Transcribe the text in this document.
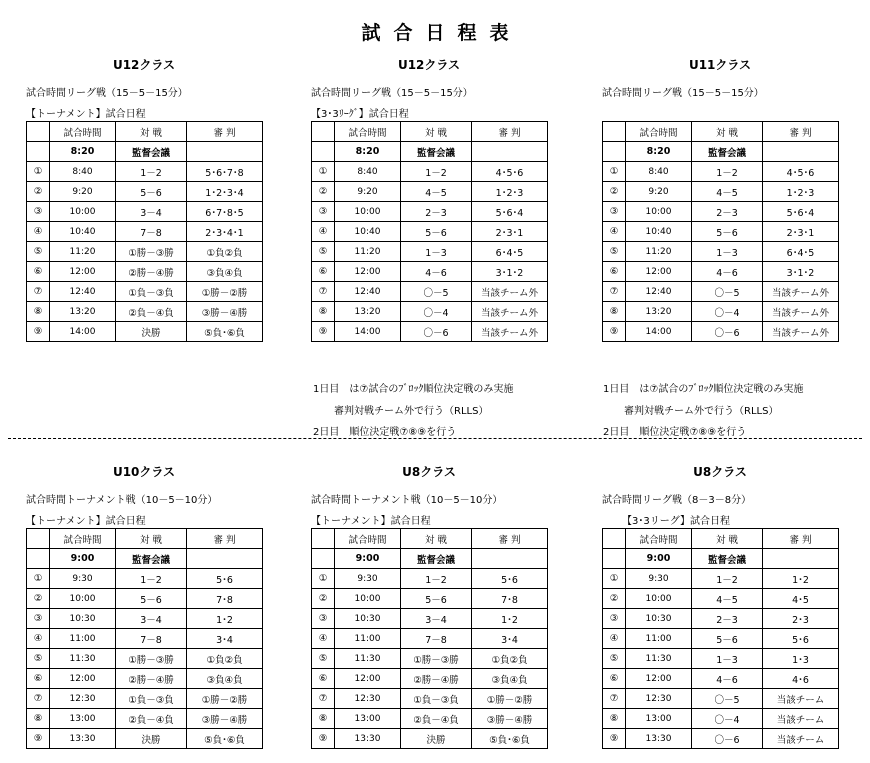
試合日程表
U12クラス
試合時間リーグ戦（15－5－15分）
【トーナメント】試合日程
	試合時間	対 戦	審 判
	8:20	監督会議	
①	8:40	1－2	5･6･7･8
②	9:20	5－6	1･2･3･4
③	10:00	3－4	6･7･8･5
④	10:40	7－8	2･3･4･1
⑤	11:20	①勝－③勝	①負②負
⑥	12:00	②勝－④勝	③負④負
⑦	12:40	①負－③負	①勝－②勝
⑧	13:20	②負－④負	③勝－④勝
⑨	14:00	決勝	⑤負･⑥負
U12クラス
試合時間リーグ戦（15－5－15分）
【3･3ﾘｰｸﾞ】試合日程
	試合時間	対 戦	審 判
	8:20	監督会議	
①	8:40	1－2	4･5･6
②	9:20	4－5	1･2･3
③	10:00	2－3	5･6･4
④	10:40	5－6	2･3･1
⑤	11:20	1－3	6･4･5
⑥	12:00	4－6	3･1･2
⑦	12:40	〇－5	当該チーム外
⑧	13:20	〇－4	当該チーム外
⑨	14:00	〇－6	当該チーム外
U11クラス
試合時間リーグ戦（15－5－15分）
	試合時間	対 戦	審 判
	8:20	監督会議	
①	8:40	1－2	4･5･6
②	9:20	4－5	1･2･3
③	10:00	2－3	5･6･4
④	10:40	5－6	2･3･1
⑤	11:20	1－3	6･4･5
⑥	12:00	4－6	3･1･2
⑦	12:40	〇－5	当該チーム外
⑧	13:20	〇－4	当該チーム外
⑨	14:00	〇－6	当該チーム外
U10クラス
試合時間トーナメント戦（10－5－10分）
【トーナメント】試合日程
	試合時間	対 戦	審 判
	9:00	監督会議	
①	9:30	1－2	5･6
②	10:00	5－6	7･8
③	10:30	3－4	1･2
④	11:00	7－8	3･4
⑤	11:30	①勝－③勝	①負②負
⑥	12:00	②勝－④勝	③負④負
⑦	12:30	①負－③負	①勝－②勝
⑧	13:00	②負－④負	③勝－④勝
⑨	13:30	決勝	⑤負･⑥負
U8クラス
試合時間トーナメント戦（10－5－10分）
【トーナメント】試合日程
	試合時間	対 戦	審 判
	9:00	監督会議	
①	9:30	1－2	5･6
②	10:00	5－6	7･8
③	10:30	3－4	1･2
④	11:00	7－8	3･4
⑤	11:30	①勝－③勝	①負②負
⑥	12:00	②勝－④勝	③負④負
⑦	12:30	①負－③負	①勝－②勝
⑧	13:00	②負－④負	③勝－④勝
⑨	13:30	決勝	⑤負･⑥負
U8クラス
試合時間リーグ戦（8－3－8分）
【3･3リーグ】試合日程
	試合時間	対 戦	審 判
	9:00	監督会議	
①	9:30	1－2	1･2
②	10:00	4－5	4･5
③	10:30	2－3	2･3
④	11:00	5－6	5･6
⑤	11:30	1－3	1･3
⑥	12:00	4－6	4･6
⑦	12:30	〇－5	当該チーム
⑧	13:00	〇－4	当該チーム
⑨	13:30	〇－6	当該チーム
1日目　は⑦試合のﾌﾞﾛｯｸ順位決定戦のみ実施
審判対戦チーム外で行う（RLLS）
2日目　順位決定戦⑦⑧⑨を行う
1日目　は⑦試合のﾌﾞﾛｯｸ順位決定戦のみ実施
審判対戦チーム外で行う（RLLS）
2日目　順位決定戦⑦⑧⑨を行う
